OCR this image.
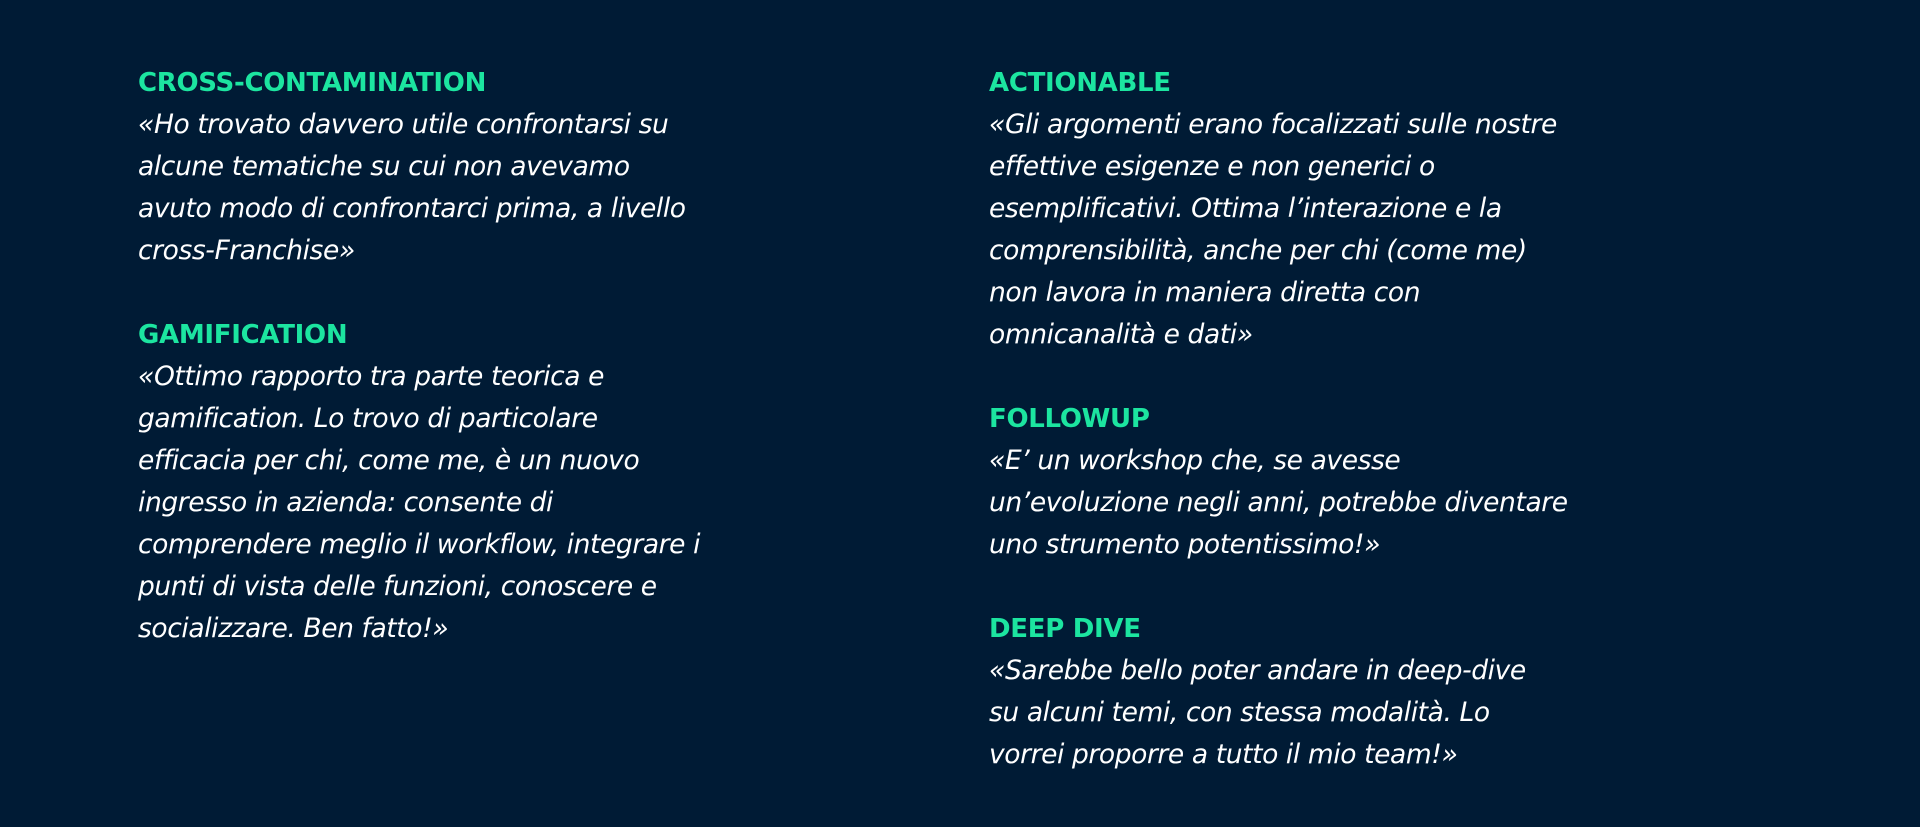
CROSS-CONTAMINATION

«Ho trovato davvero utile confrontarsi su
alcune tematiche su cui non avevamo
avuto modo di confrontarci prima, a livello
cross-Franchise»

GAMIFICATION

«Ottimo rapporto tra parte teorica e
gamification. Lo trovo di particolare
efficacia per chi, come me, è un nuovo
ingresso in azienda: consente di
comprendere meglio il workflow, integrare i
punti di vista delle funzioni, conoscere e
socializzare. Ben fatto!»

ACTIONABLE

«Gli argomenti erano focalizzati sulle nostre
effettive esigenze e non generici o
esemplificativi. Ottima l’interazione e la
comprensibilità, anche per chi (come me)
non lavora in maniera diretta con
omnicanalità e dati»

FOLLOWUP

«E’ un workshop che, se avesse
un’evoluzione negli anni, potrebbe diventare
uno strumento potentissimo!»

DEEP DIVE

«Sarebbe bello poter andare in deep-dive
su alcuni temi, con stessa modalità. Lo
vorrei proporre a tutto il mio team!»
